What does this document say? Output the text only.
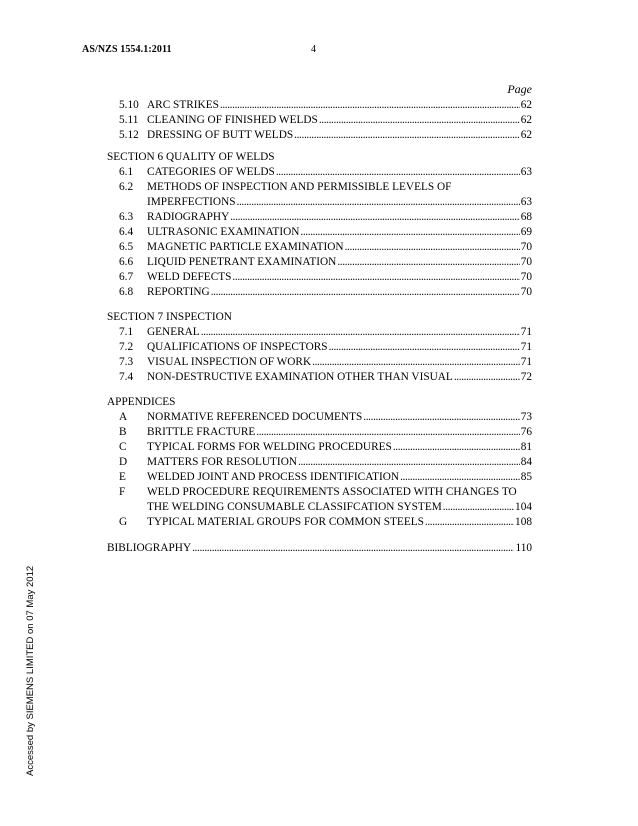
AS/NZS 1554.1:2011	4
Page
5.10 ARC STRIKES . . .	62
5.11 CLEANING OF FINISHED WELDS . . .	62
5.12 DRESSING OF BUTT WELDS . . .	62
SECTION 6 QUALITY OF WELDS
6.1	CATEGORIES OF WELDS . . .	63
6.2	METHODS OF INSPECTION AND PERMISSIBLE LEVELS OF
IMPERFECTIONS . . .	63
6.3	RADIOGRAPHY . . .	68
6.4	ULTRASONIC EXAMINATION . . .	69
6.5	MAGNETIC PARTICLE EXAMINATION . . .	70
6.6	LIQUID PENETRANT EXAMINATION . . .	70
6.7	WELD DEFECTS . . .	70
6.8	REPORTING . . .	70
SECTION 7 INSPECTION
7.1	GENERAL . . .	71
7.2	QUALIFICATIONS OF INSPECTORS . . .	71
7.3	VISUAL INSPECTION OF WORK . . .	71
7.4	NON-DESTRUCTIVE EXAMINATION OTHER THAN VISUAL . . .	72
APPENDICES
A	NORMATIVE REFERENCED DOCUMENTS . . .	73
B	BRITTLE FRACTURE . . .	76
C	TYPICAL FORMS FOR WELDING PROCEDURES . . .	81
D	MATTERS FOR RESOLUTION . . .	84
E	WELDED JOINT AND PROCESS IDENTIFICATION . . .	85
F	WELD PROCEDURE REQUIREMENTS ASSOCIATED WITH CHANGES TO
THE WELDING CONSUMABLE CLASSIFCATION SYSTEM . . .	104
G	TYPICAL MATERIAL GROUPS FOR COMMON STEELS . . .	108
BIBLIOGRAPHY . . .	110
Accessed by SIEMENS LIMITED on 07 May 2012
